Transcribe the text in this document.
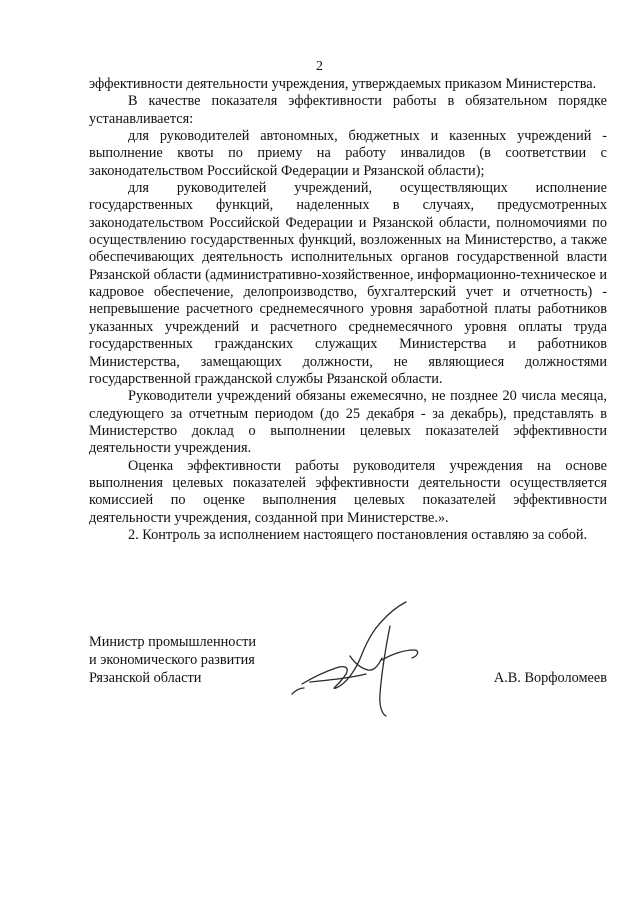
2

эффективности деятельности учреждения, утверждаемых приказом Министерства.

В качестве показателя эффективности работы в обязательном порядке устанавливается:

для руководителей автономных, бюджетных и казенных учреждений - выполнение квоты по приему на работу инвалидов (в соответствии с законодательством Российской Федерации и Рязанской области);

для руководителей учреждений, осуществляющих исполнение государственных функций, наделенных в случаях, предусмотренных законодательством Российской Федерации и Рязанской области, полномочиями по осуществлению государственных функций, возложенных на Министерство, а также обеспечивающих деятельность исполнительных органов государственной власти Рязанской области (административно-хозяйственное, информационно-техническое и кадровое обеспечение, делопроизводство, бухгалтерский учет и отчетность) - непревышение расчетного среднемесячного уровня заработной платы работников указанных учреждений и расчетного среднемесячного уровня оплаты труда государственных гражданских служащих Министерства и работников Министерства, замещающих должности, не являющиеся должностями государственной гражданской службы Рязанской области.

Руководители учреждений обязаны ежемесячно, не позднее 20 числа месяца, следующего за отчетным периодом (до 25 декабря - за декабрь), представлять в Министерство доклад о выполнении целевых показателей эффективности деятельности учреждения.

Оценка эффективности работы руководителя учреждения на основе выполнения целевых показателей эффективности деятельности осуществляется комиссией по оценке выполнения целевых показателей эффективности деятельности учреждения, созданной при Министерстве.».

2. Контроль за исполнением настоящего постановления оставляю за собой.

Министр промышленности
и экономического развития
Рязанской области	А.В. Ворфоломеев
